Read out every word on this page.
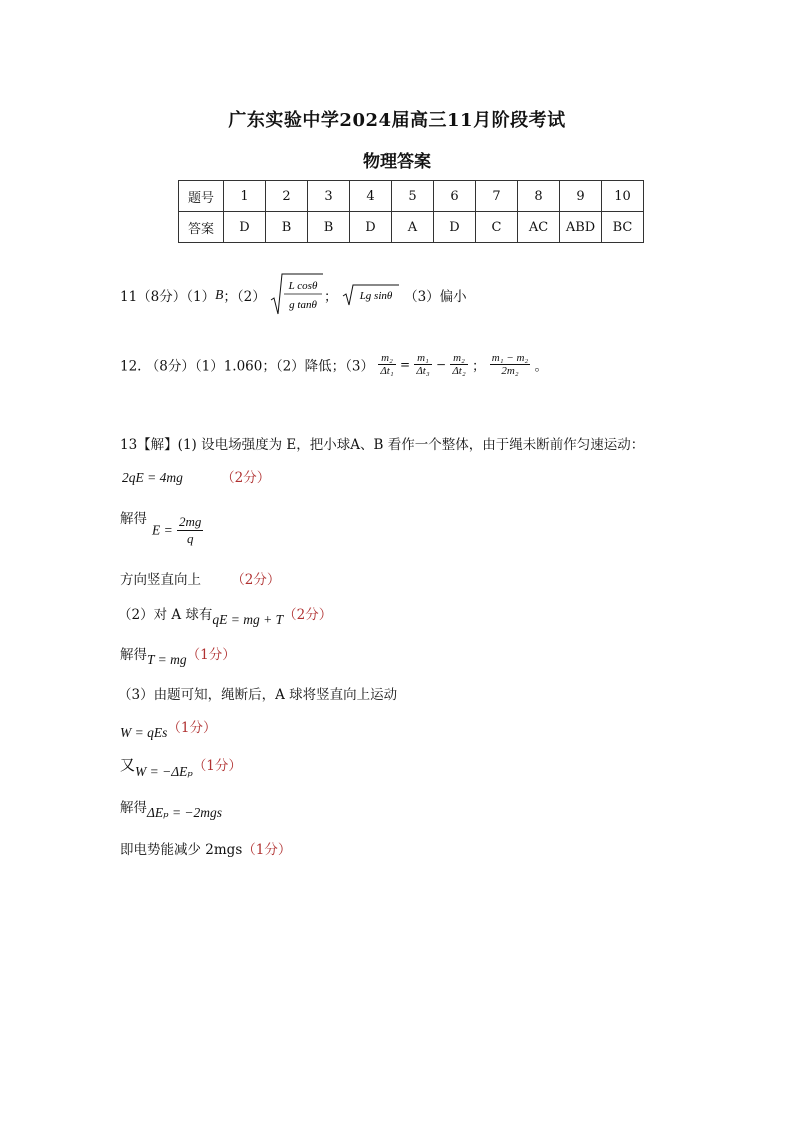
广东实验中学2024届高三11月阶段考试
物理答案
题号	1	2	3	4	5	6	7	8	9	10
答案	D	B	B	D	A	D	C	AC	ABD	BC
11（8分）（1）B；（2）
L cosθ
g tanθ ； Lg sinθ （3）偏小
12. （8分）（1）1.060；（2）降低；$(3) \frac{\text{m₂}}{\text{Δt₁}} = \frac{\text{m₁}}{\text{Δt₃}} - \frac{\text{m₂}}{\text{Δt₂}}$ ； $\frac{\text{m₁ − m₂}}{\text{2m₂}}$ 。
13【解】(1) 设电场强度为 E，把小球A、B 看作一个整体，由于绳未断前作匀速运动：
2qE = 4mg	（2分）
解得
$E = \frac{2mg}{q}$
方向竖直向上 （2分）
（2）对 A 球有qE = mg + T（2分）
解得T = mg（1分）
（3）由题可知，绳断后，A 球将竖直向上运动
W = qEs（1分）
又W = −ΔEₚ（1分）
解得ΔEₚ = −2mgs
即电势能减少 2mgs（1分）
